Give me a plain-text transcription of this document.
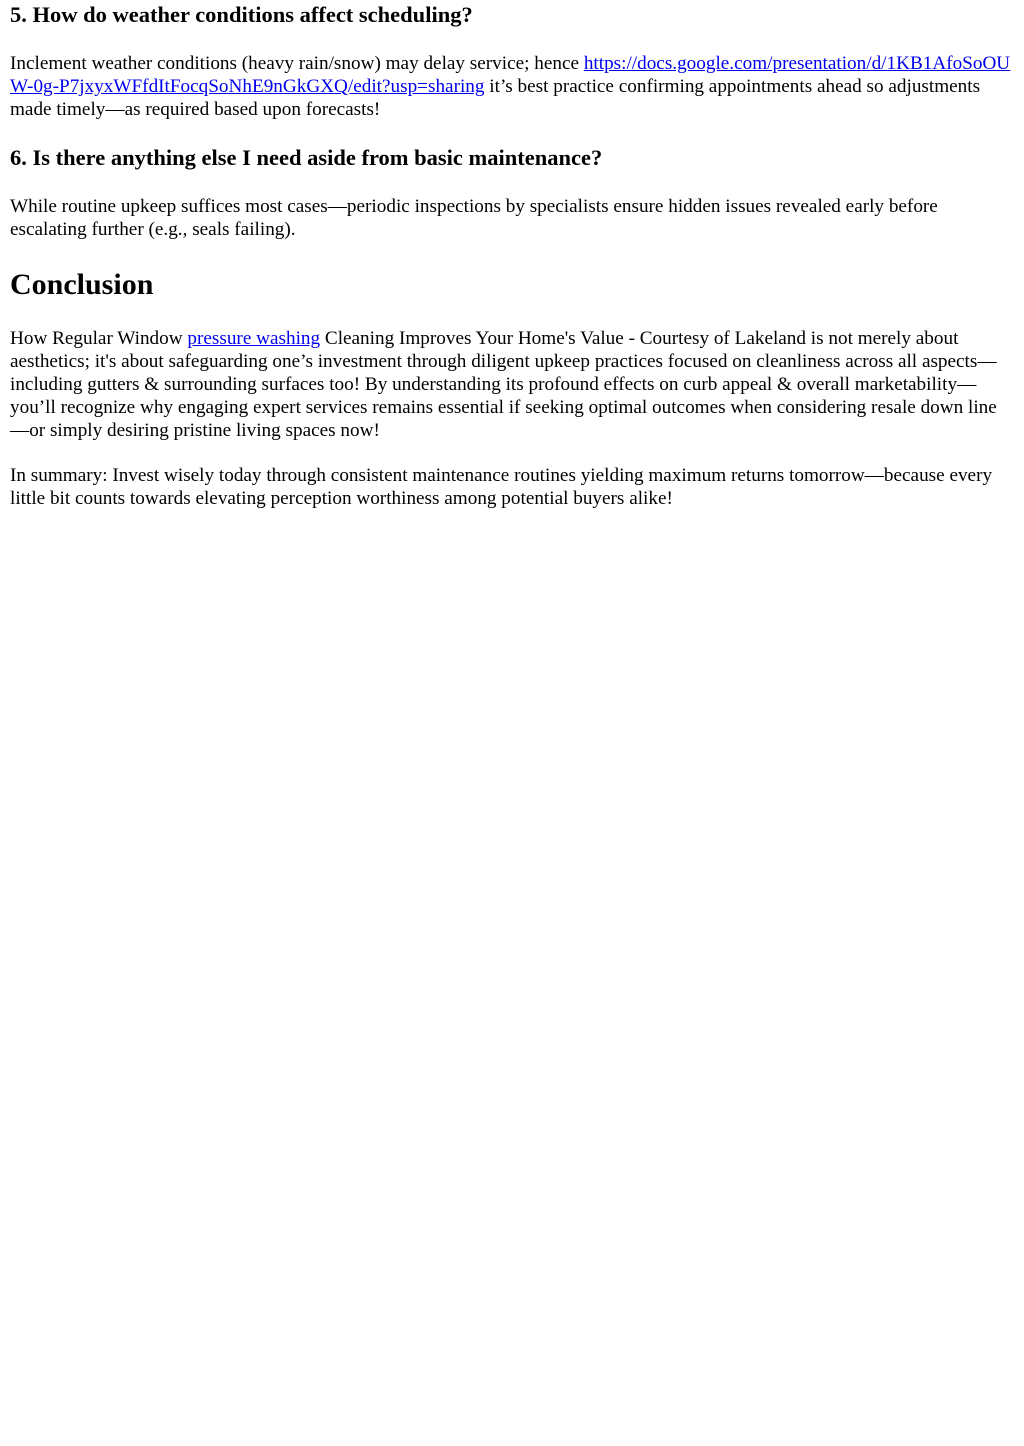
5. How do weather conditions affect scheduling?

Inclement weather conditions (heavy rain/snow) may delay service; hence https://docs.google.com/presentation/d/1KB1AfoSoOUW-0g-P7jxyxWFfdItFocqSoNhE9nGkGXQ/edit?usp=sharing it’s best practice confirming appointments ahead so adjustments made timely—as required based upon forecasts!

6. Is there anything else I need aside from basic maintenance?

While routine upkeep suffices most cases—periodic inspections by specialists ensure hidden issues revealed early before escalating further (e.g., seals failing).

Conclusion

How Regular Window pressure washing Cleaning Improves Your Home's Value - Courtesy of Lakeland is not merely about aesthetics; it's about safeguarding one’s investment through diligent upkeep practices focused on cleanliness across all aspects—including gutters & surrounding surfaces too! By understanding its profound effects on curb appeal & overall marketability—you’ll recognize why engaging expert services remains essential if seeking optimal outcomes when considering resale down line—or simply desiring pristine living spaces now!

In summary: Invest wisely today through consistent maintenance routines yielding maximum returns tomorrow—because every little bit counts towards elevating perception worthiness among potential buyers alike!
